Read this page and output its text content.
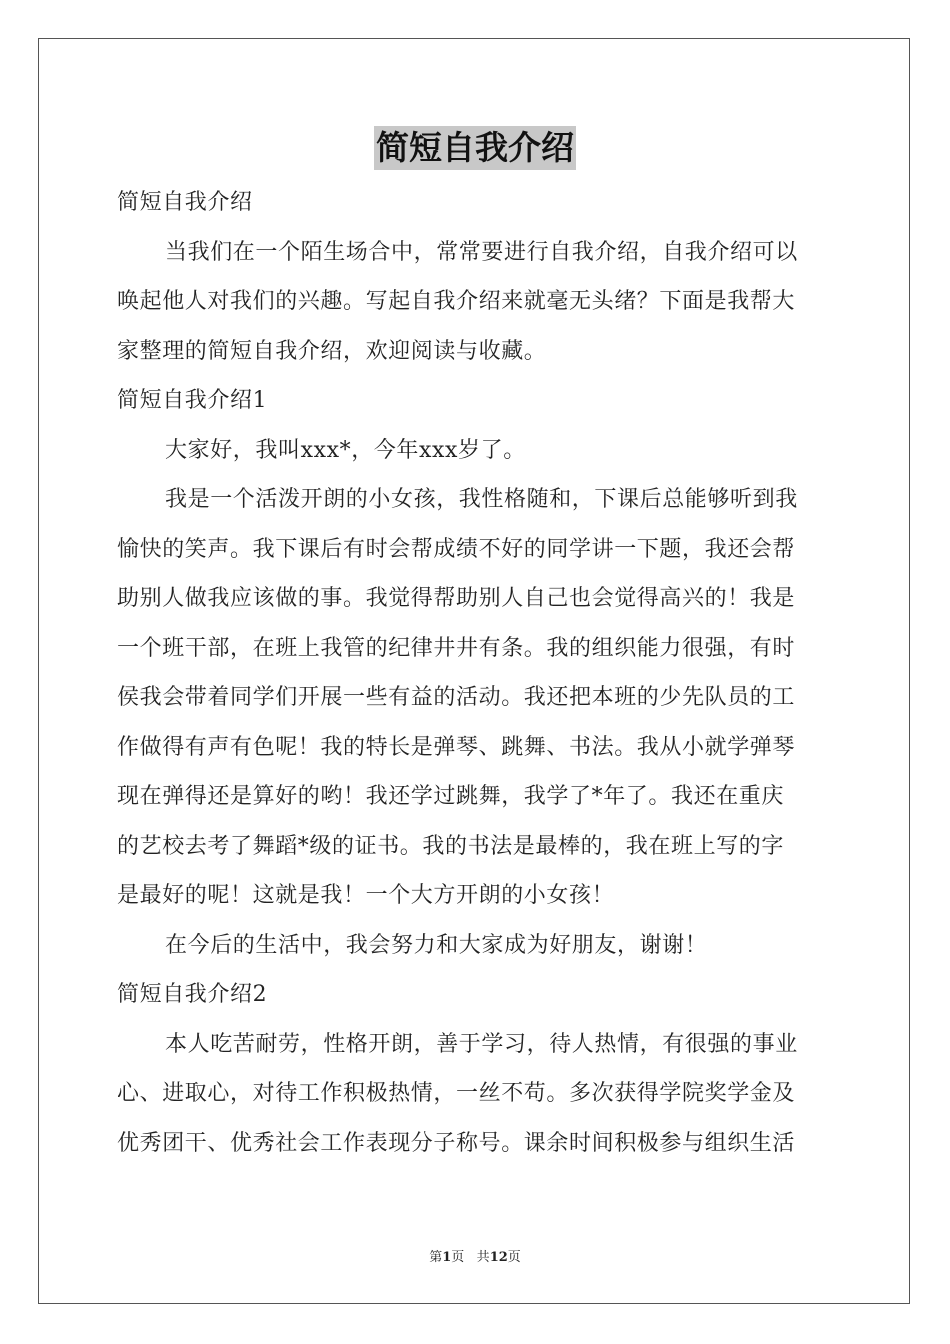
简短自我介绍
简短自我介绍
当我们在一个陌生场合中，常常要进行自我介绍，自我介绍可以
唤起他人对我们的兴趣。写起自我介绍来就毫无头绪？下面是我帮大
家整理的简短自我介绍，欢迎阅读与收藏。
简短自我介绍1
大家好，我叫xxx*，今年xxx岁了。
我是一个活泼开朗的小女孩，我性格随和，下课后总能够听到我
愉快的笑声。我下课后有时会帮成绩不好的同学讲一下题，我还会帮
助别人做我应该做的事。我觉得帮助别人自己也会觉得高兴的！我是
一个班干部，在班上我管的纪律井井有条。我的组织能力很强，有时
侯我会带着同学们开展一些有益的活动。我还把本班的少先队员的工
作做得有声有色呢！我的特长是弹琴、跳舞、书法。我从小就学弹琴
现在弹得还是算好的哟！我还学过跳舞，我学了*年了。我还在重庆
的艺校去考了舞蹈*级的证书。我的书法是最棒的，我在班上写的字
是最好的呢！这就是我！一个大方开朗的小女孩！
在今后的生活中，我会努力和大家成为好朋友，谢谢！
简短自我介绍2
本人吃苦耐劳，性格开朗，善于学习，待人热情，有很强的事业
心、进取心，对待工作积极热情，一丝不苟。多次获得学院奖学金及
优秀团干、优秀社会工作表现分子称号。课余时间积极参与组织生活
第1页 共12页
